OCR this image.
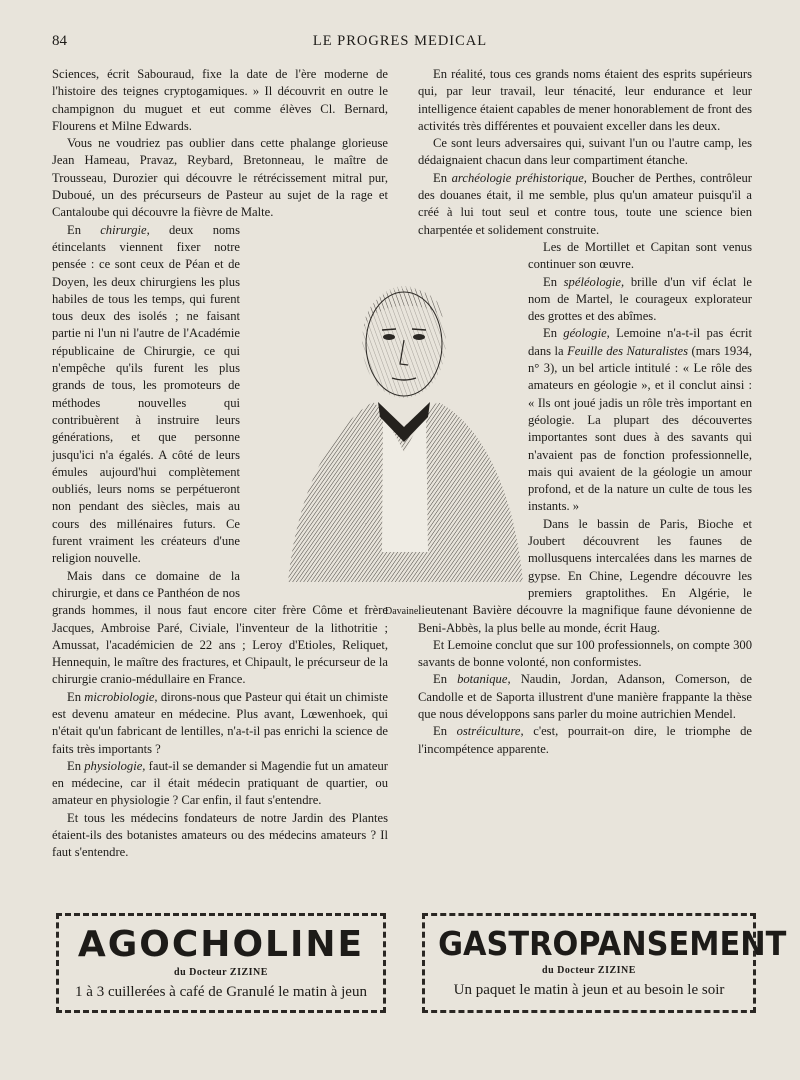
84	LE PROGRES MEDICAL

Sciences, écrit Sabouraud, fixe la date de l'ère moderne de l'histoire des teignes cryptogamiques. » Il découvrit en outre le champignon du muguet et eut comme élèves Cl. Bernard, Flourens et Milne Edwards.

Vous ne voudriez pas oublier dans cette phalange glorieuse Jean Hameau, Pravaz, Reybard, Bretonneau, le maître de Trousseau, Durozier qui découvre le rétrécissement mitral pur, Duboué, un des précurseurs de Pasteur au sujet de la rage et Cantaloube qui découvre la fièvre de Malte.

En chirurgie, deux noms étincelants viennent fixer notre pensée : ce sont ceux de Péan et de Doyen, les deux chirurgiens les plus habiles de tous les temps, qui furent tous deux des isolés ; ne faisant partie ni l'un ni l'autre de l'Académie républicaine de Chirurgie, ce qui n'empêche qu'ils furent les plus grands de tous, les promoteurs de méthodes nouvelles qui contribuèrent à instruire leurs générations, et que personne jusqu'ici n'a égalés. A côté de leurs émules aujourd'hui complètement oubliés, leurs noms se perpétueront non pendant des siècles, mais au cours des millénaires futurs. Ce furent vraiment les créateurs d'une religion nouvelle.

Mais dans ce domaine de la chirurgie, et dans ce Panthéon de nos grands hommes, il nous faut encore citer frère Côme et frère Jacques, Ambroise Paré, Civiale, l'inventeur de la lithotritie ; Amussat, l'académicien de 22 ans ; Leroy d'Etioles, Reliquet, Hennequin, le maître des fractures, et Chipault, le précurseur de la chirurgie cranio-médullaire en France.

En microbiologie, dirons-nous que Pasteur qui était un chimiste est devenu amateur en médecine. Plus avant, Lœwenhoek, qui n'était qu'un fabricant de lentilles, n'a-t-il pas enrichi la science de faits très importants ?

En physiologie, faut-il se demander si Magendie fut un amateur en médecine, car il était médecin pratiquant de quartier, ou amateur en physiologie ? Car enfin, il faut s'entendre.

Et tous les médecins fondateurs de notre Jardin des Plantes étaient-ils des botanistes amateurs ou des médecins amateurs ? Il faut s'entendre.

En réalité, tous ces grands noms étaient des esprits supérieurs qui, par leur travail, leur ténacité, leur endurance et leur intelligence étaient capables de mener honorablement de front des activités très différentes et pouvaient exceller dans les deux.

Ce sont leurs adversaires qui, suivant l'un ou l'autre camp, les dédaignaient chacun dans leur compartiment étanche.

En archéologie préhistorique, Boucher de Perthes, contrôleur des douanes était, il me semble, plus qu'un amateur puisqu'il a créé à lui tout seul et contre tous, toute une science bien charpentée et solidement construite.

Les de Mortillet et Capitan sont venus continuer son œuvre.

En spéléologie, brille d'un vif éclat le nom de Martel, le courageux explorateur des grottes et des abîmes.

En géologie, Lemoine n'a-t-il pas écrit dans la Feuille des Naturalistes (mars 1934, n° 3), un bel article intitulé : « Le rôle des amateurs en géologie », et il conclut ainsi : « Ils ont joué jadis un rôle très important en géologie. La plupart des découvertes importantes sont dues à des savants qui n'avaient pas de fonction professionnelle, mais qui avaient de la géologie un amour profond, et de la nature un culte de tous les instants. »

Dans le bassin de Paris, Bioche et Joubert découvrent les faunes de mollusquens intercalées dans les marnes de gypse. En Chine, Legendre découvre les premiers graptolithes. En Algérie, le lieutenant Bavière découvre la magnifique faune dévonienne de Beni-Abbès, la plus belle au monde, écrit Haug.

Et Lemoine conclut que sur 100 professionnels, on compte 300 savants de bonne volonté, non conformistes.

En botanique, Naudin, Jordan, Adanson, Comerson, de Candolle et de Saporta illustrent d'une manière frappante la thèse que nous développons sans parler du moine autrichien Mendel.

En ostréiculture, c'est, pourrait-on dire, le triomphe de l'incompétence apparente.

Davaine.
AGOCHOLINE
du Docteur ZIZINE
1 à 3 cuillerées à café de Granulé le matin à jeun
GASTROPANSEMENT
du Docteur ZIZINE
Un paquet le matin à jeun et au besoin le soir
